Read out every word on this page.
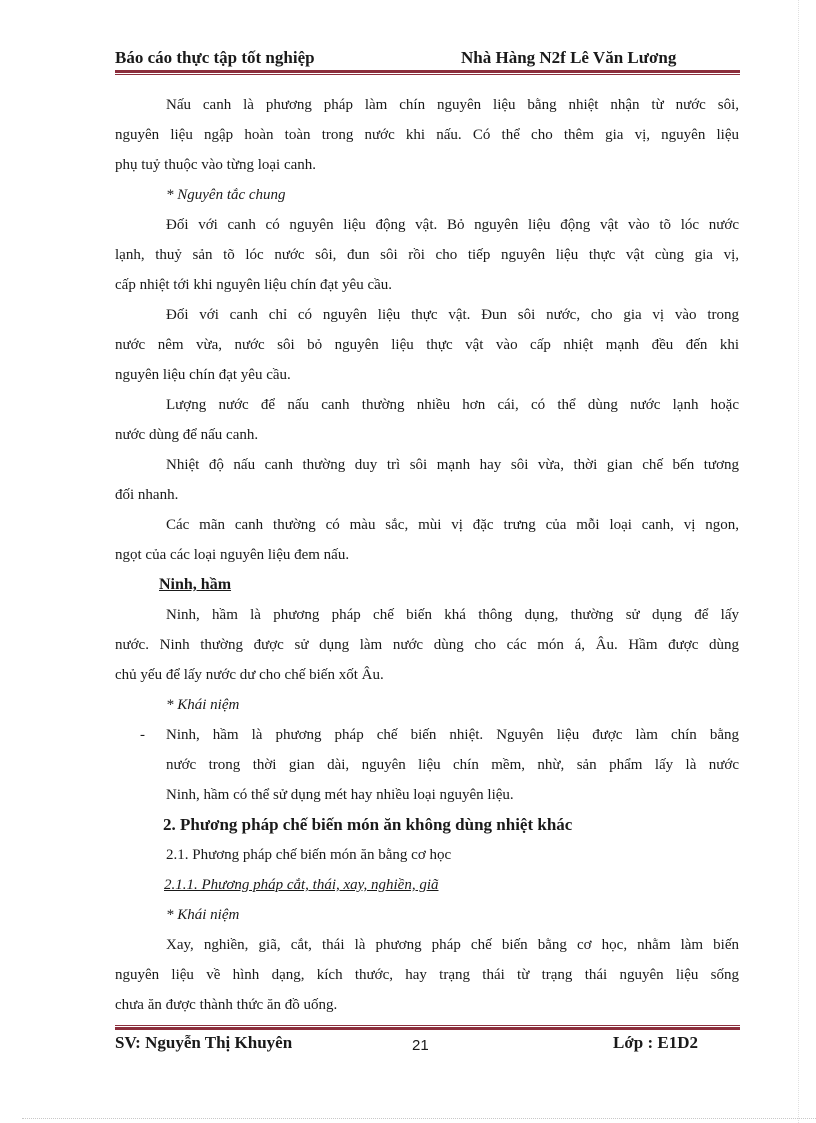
Báo cáo thực tập tốt nghiệp	Nhà Hàng N2f Lê Văn Lương
Nấu canh là phương pháp làm chín nguyên liệu bằng nhiệt nhận từ nước sôi,
nguyên liệu ngập hoàn toàn trong nước khi nấu. Có thể cho thêm gia vị, nguyên liệu
phụ tuỷ thuộc vào từng loại canh.
* Nguyên tắc chung
Đối với canh có nguyên liệu động vật. Bỏ nguyên liệu động vật vào tõ lóc nước
lạnh, thuỷ sản tõ lóc nước sôi, đun sôi rồi cho tiếp nguyên liệu thực vật cùng gia vị,
cấp nhiệt tới khi nguyên liệu chín đạt yêu cầu.
Đối với canh chỉ có nguyên liệu thực vật. Đun sôi nước, cho gia vị vào trong
nước nêm vừa, nước sôi bỏ nguyên liệu thực vật vào cấp nhiệt mạnh đều đến khi
nguyên liệu chín đạt yêu cầu.
Lượng nước để nấu canh thường nhiều hơn cái, có thể dùng nước lạnh hoặc
nước dùng để nấu canh.
Nhiệt độ nấu canh thường duy trì sôi mạnh hay sôi vừa, thời gian chế bến tương
đối nhanh.
Các mãn canh thường có màu sắc, mùi vị đặc trưng của mỗi loại canh, vị ngon,
ngọt của các loại nguyên liệu đem nấu.
Ninh, hầm
Ninh, hầm là phương pháp chế biến khá thông dụng, thường sử dụng để lấy
nước. Ninh thường được sử dụng làm nước dùng cho các món á, Âu. Hầm được dùng
chủ yếu để lấy nước dư cho chế biến xốt Âu.
* Khái niệm
-	Ninh, hầm là phương pháp chế biến nhiệt. Nguyên liệu được làm chín bằng
nước trong thời gian dài, nguyên liệu chín mềm, nhừ, sản phẩm lấy là nước
Ninh, hầm có thể sử dụng mét hay nhiều loại nguyên liệu.
2. Phương pháp chế biến món ăn không dùng nhiệt khác
2.1. Phương pháp chế biến món ăn bằng cơ học
2.1.1. Phương pháp cắt, thái, xay, nghiền, giã
* Khái niệm
Xay, nghiền, giã, cắt, thái là phương pháp chế biến bằng cơ học, nhằm làm biến
nguyên liệu về hình dạng, kích thước, hay trạng thái từ trạng thái nguyên liệu sống
chưa ăn được thành thức ăn đồ uống.
SV: Nguyễn Thị Khuyên	21	Lớp : E1D2
